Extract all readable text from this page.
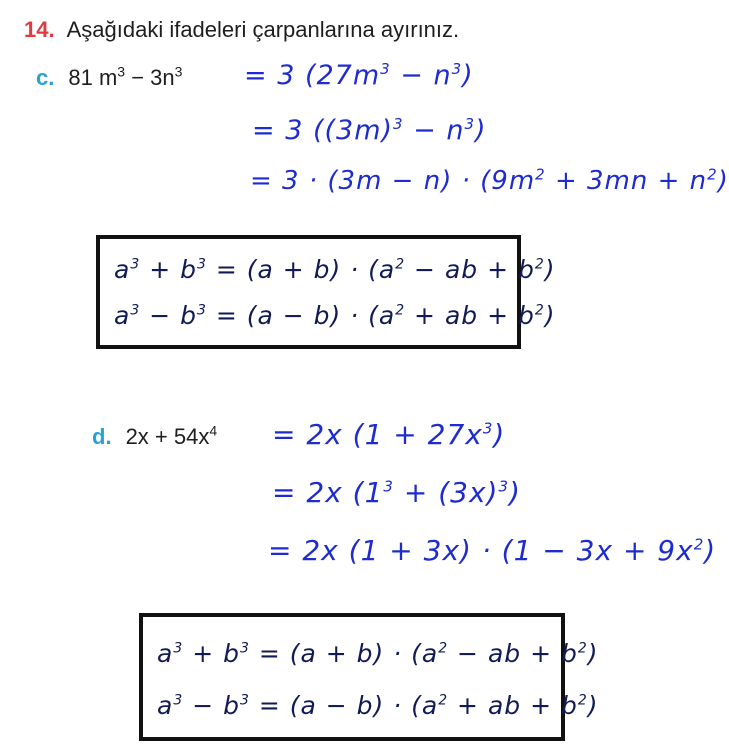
14. Aşağıdaki ifadeleri çarpanlarına ayırınız.
c. 81 $m^3 - 3n^3 = 3$ $(27m^3 - n^3)$
= 3 $((3m)^3 - n^3)$
= $3 \cdot (3m - n) \cdot (9m^2 + 3mn + n^2)$
$a^3 + b^3 = (a + b) \cdot (a^2$ − ab + $b^2$)
$a^3 - b^3 = (a - b) \cdot (a^2$ + ab + $b^2$)
d. $2x + 54x^4 = 2x$ $(1 + 27x^3)$
= 2x $(1^3 + (3x)^3)$
= 2x $(1 + 3x) \cdot (1 - 3x + 9x^2)$
$a^3 + b^3 = (a + b) \cdot (a^2$ − ab + $b^2$)
$a^3 - b^3 = (a - b) \cdot (a^2$ + ab + $b^2$)
